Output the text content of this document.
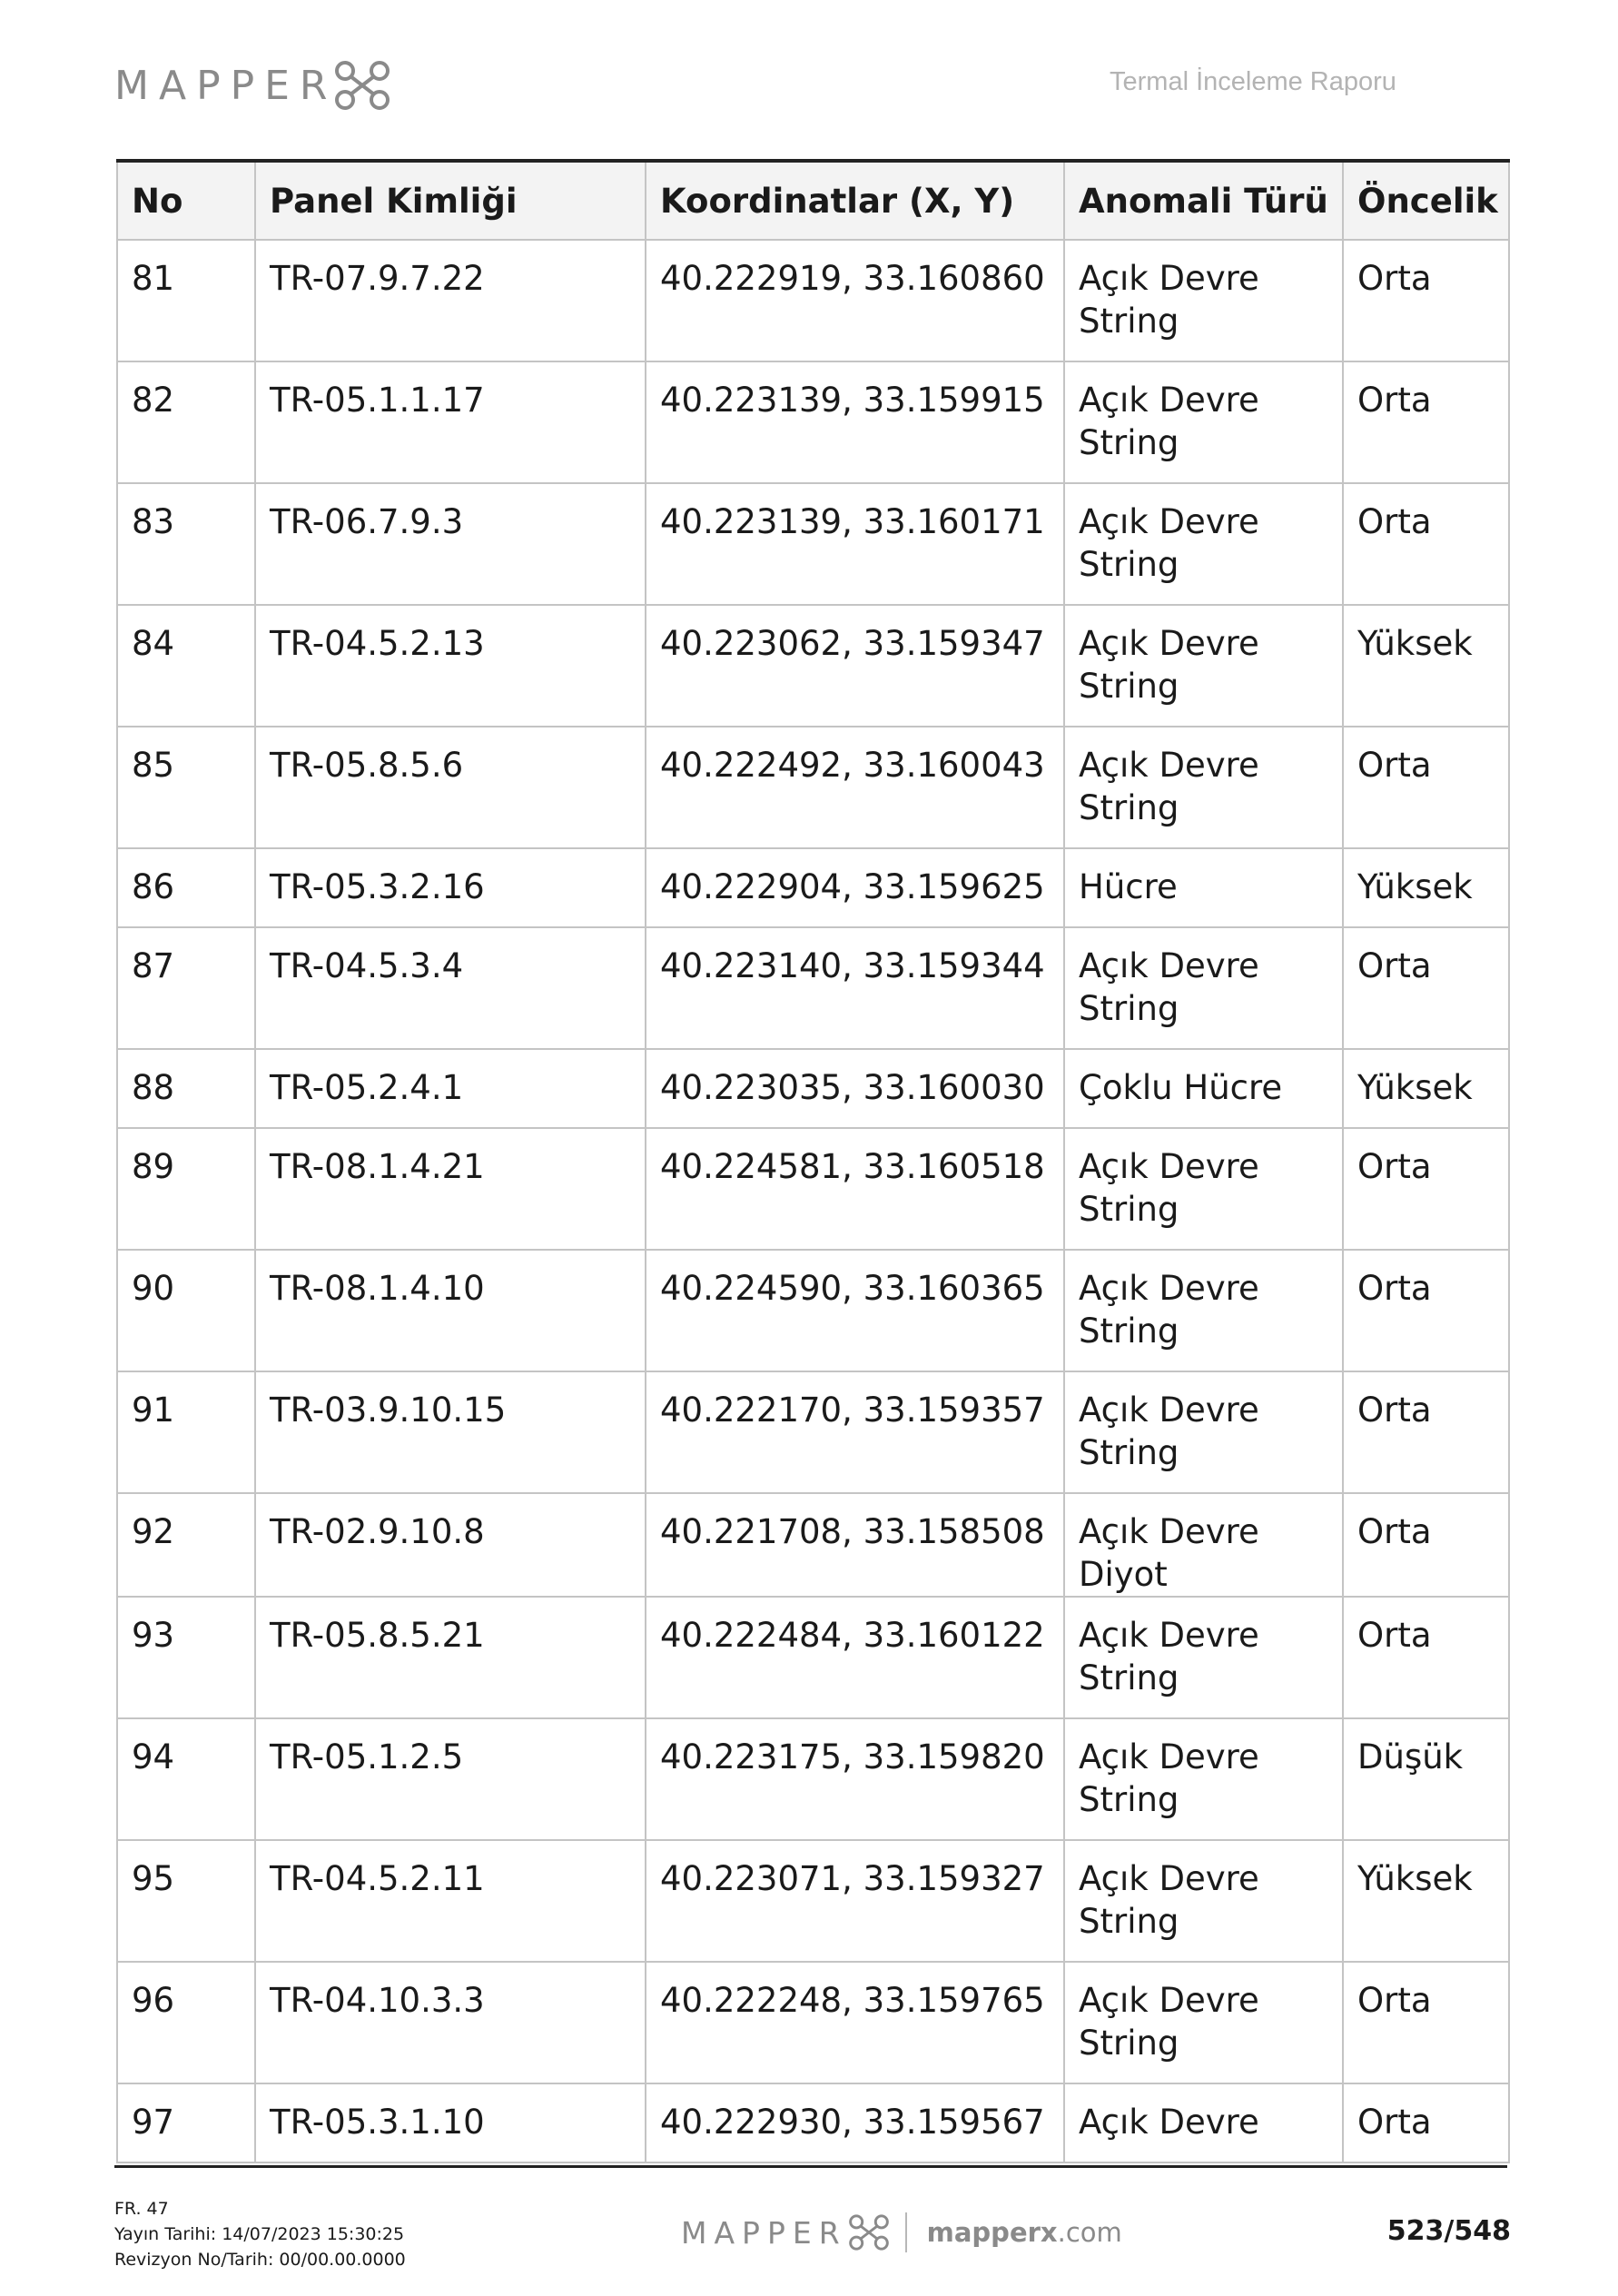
MAPPER	Termal İnceleme Raporu
No	Panel Kimliği	Koordinatlar (X, Y)	Anomali Türü	Öncelik
81	TR-07.9.7.22	40.222919, 33.160860	Açık Devre String	Orta
82	TR-05.1.1.17	40.223139, 33.159915	Açık Devre String	Orta
83	TR-06.7.9.3	40.223139, 33.160171	Açık Devre String	Orta
84	TR-04.5.2.13	40.223062, 33.159347	Açık Devre String	Yüksek
85	TR-05.8.5.6	40.222492, 33.160043	Açık Devre String	Orta
86	TR-05.3.2.16	40.222904, 33.159625	Hücre	Yüksek
87	TR-04.5.3.4	40.223140, 33.159344	Açık Devre String	Orta
88	TR-05.2.4.1	40.223035, 33.160030	Çoklu Hücre	Yüksek
89	TR-08.1.4.21	40.224581, 33.160518	Açık Devre String	Orta
90	TR-08.1.4.10	40.224590, 33.160365	Açık Devre String	Orta
91	TR-03.9.10.15	40.222170, 33.159357	Açık Devre String	Orta
92	TR-02.9.10.8	40.221708, 33.158508	Açık Devre Diyot	Orta
93	TR-05.8.5.21	40.222484, 33.160122	Açık Devre String	Orta
94	TR-05.1.2.5	40.223175, 33.159820	Açık Devre String	Düşük
95	TR-04.5.2.11	40.223071, 33.159327	Açık Devre String	Yüksek
96	TR-04.10.3.3	40.222248, 33.159765	Açık Devre String	Orta
97	TR-05.3.1.10	40.222930, 33.159567	Açık Devre	Orta
FR. 47
Yayın Tarihi: 14/07/2023 15:30:25
Revizyon No/Tarih: 00/00.00.0000
MAPPER	mapperx.com	523/548
